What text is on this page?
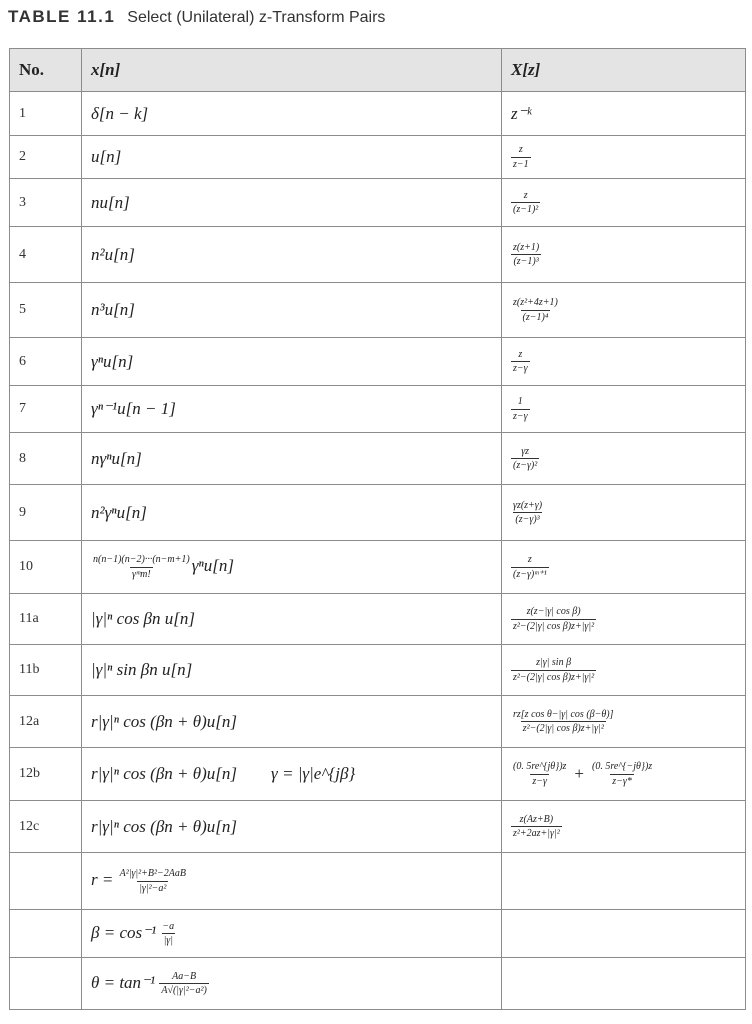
TABLE 11.1 Select (Unilateral) z-Transform Pairs
No.	x[n]	X[z]
1	δ[n − k]	z⁻ᵏ
2	u[n]	$\frac{z}{z-1}$

3	nu[n]	$\frac{z}{\text{(z−1)²}}$

4	n²u[n]	$\frac{z(z+1)}{\text{(z−1)³}}$

5	n³u[n]	$\frac{\text{z(z²+4z+1)}}{\text{(z−1)⁴}}$

6	γⁿu[n]	$\frac{z}{z-\gamma}$

7	γⁿ⁻¹u[n − 1]	$\frac{1}{z-\gamma}$

8	nγⁿu[n]	$\frac{\gamma z}{\text{(z−γ)²}}$

9	n²γⁿu[n]	$\frac{\gamma z(z+\gamma)}{\text{(z−γ)³}}$

10	$\frac{n(n-1)(n-2)\cdot\cdot\cdot(n-m+1)}{\text{γᵐm!}} \gamma^nu[n]$	$\frac{z}{\text{(z−γ)ᵐ⁺¹}}$

11a	|γ|ⁿ cos βn u[n]	$\frac{\text{z(z−|γ| cos β)}}{\text{z²−(2|γ| cos β)z+|γ|²}}$

11b	|γ|ⁿ sin βn u[n]	$\frac{\text{z|γ| sin β}}{\text{z²−(2|γ| cos β)z+|γ|²}}$

12a	r|γ|ⁿ cos (βn + θ)u[n]	$\frac{\text{rz[z cos θ−|γ| cos (β−θ)]}}{\text{z²−(2|γ| cos β)z+|γ|²}}$

12b	r|γ|ⁿ cos (βn + θ)u[n] γ = |γ|e^{jβ}	$\frac{(0. 5re\^{}\{j\theta\})z}{z-\gamma} + \frac{(0. 5re\^{}\{-j\theta\})z}{z-\gamma*}$

12c	r|γ|ⁿ cos (βn + θ)u[n]	$\frac{z(Az+B)}{\text{z²+2az+|γ|²}}$

	$r = \frac{\text{A²|γ|²+B²−2AaB}}{\text{|γ|²−a²}}$

	$\beta = \cos^{-1} \frac{-a}{|\gamma|}$

	$\theta = \tan^{-1} \frac{Aa-B}{\text{A√(|γ|²−a²)}}$
